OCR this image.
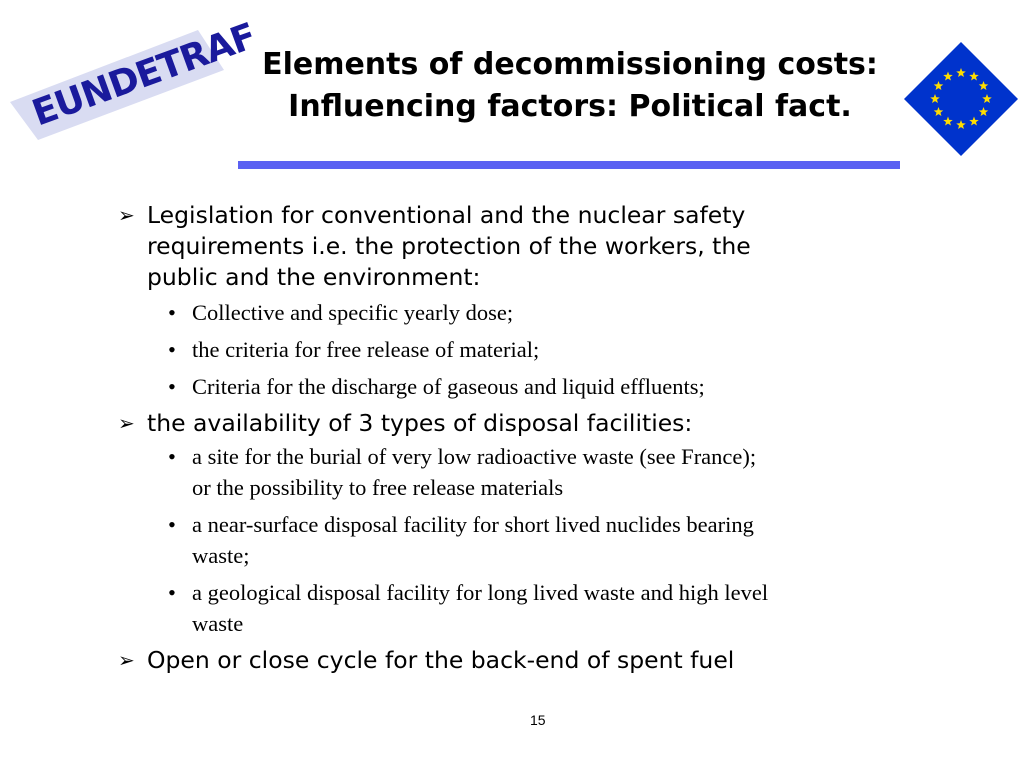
EUNDETRAF Elements of decommissioning costs:
Influencing factors: Political fact.
➢ Legislation for conventional and the nuclear safety
requirements i.e. the protection of the workers, the
public and the environment:
• Collective and specific yearly dose;
• the criteria for free release of material;
• Criteria for the discharge of gaseous and liquid effluents;
➢ the availability of 3 types of disposal facilities:
• a site for the burial of very low radioactive waste (see France);
or the possibility to free release materials
• a near-surface disposal facility for short lived nuclides bearing
waste;
• a geological disposal facility for long lived waste and high level
waste
➢ Open or close cycle for the back-end of spent fuel
15
